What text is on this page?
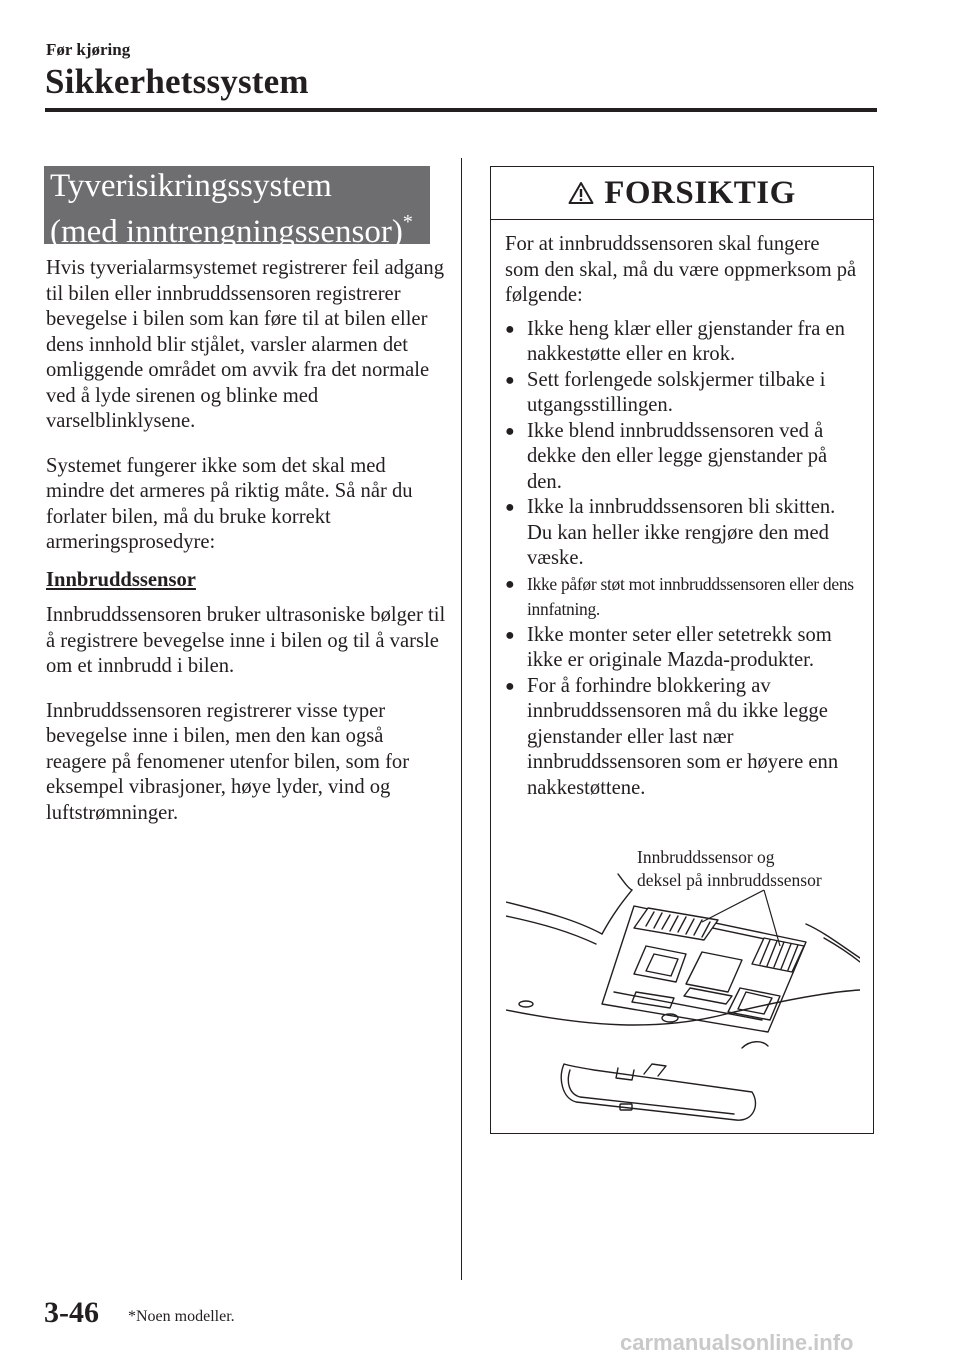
Før kjøring
Sikkerhetssystem
Tyverisikringssystem
(med inntrengningssensor)*

Hvis tyverialarmsystemet registrerer feil adgang til bilen eller innbruddssensoren registrerer bevegelse i bilen som kan føre til at bilen eller dens innhold blir stjålet, varsler alarmen det omliggende området om avvik fra det normale ved å lyde sirenen og blinke med varselblinklysene.

Systemet fungerer ikke som det skal med mindre det armeres på riktig måte. Så når du forlater bilen, må du bruke korrekt armeringsprosedyre:

Innbruddssensor

Innbruddssensoren bruker ultrasoniske bølger til å registrere bevegelse inne i bilen og til å varsle om et innbrudd i bilen.

Innbruddssensoren registrerer visse typer bevegelse inne i bilen, men den kan også reagere på fenomener utenfor bilen, som for eksempel vibrasjoner, høye lyder, vind og luftstrømninger.

FORSIKTIG

For at innbruddssensoren skal fungere som den skal, må du være oppmerksom på følgende:

● Ikke heng klær eller gjenstander fra en nakkestøtte eller en krok.
● Sett forlengede solskjermer tilbake i utgangsstillingen.
● Ikke blend innbruddssensoren ved å dekke den eller legge gjenstander på den.
● Ikke la innbruddssensoren bli skitten. Du kan heller ikke rengjøre den med væske.
● Ikke påfør støt mot innbruddssensoren eller dens innfatning.
● Ikke monter seter eller setetrekk som ikke er originale Mazda-produkter.
● For å forhindre blokkering av innbruddssensoren må du ikke legge gjenstander eller last nær innbruddssensoren som er høyere enn nakkestøttene.
Innbruddssensor og
deksel på innbruddssensor
3-46 *Noen modeller.
carmanualsonline.info
